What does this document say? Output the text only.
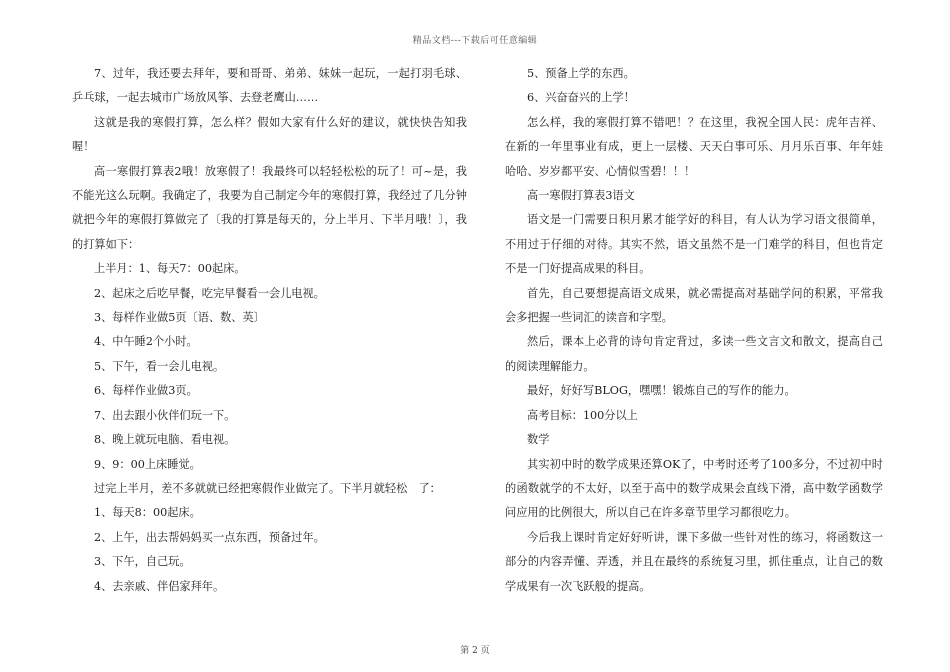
精品文档---下载后可任意编辑

7、过年，我还要去拜年，要和哥哥、弟弟、妹妹一起玩，一起打羽毛球、乒乓球，一起去城市广场放风筝、去登老鹰山……

这就是我的寒假打算，怎么样？假如大家有什么好的建议，就快快告知我喔！

高一寒假打算表2哦！放寒假了！我最终可以轻轻松松的玩了！可~是，我不能光这么玩啊。我确定了，我要为自己制定今年的寒假打算，我经过了几分钟就把今年的寒假打算做完了〔我的打算是每天的，分上半月、下半月哦！〕，我的打算如下：

上半月：1、每天7：00起床。

2、起床之后吃早餐，吃完早餐看一会儿电视。

3、每样作业做5页〔语、数、英〕

4、中午睡2个小时。

5、下午，看一会儿电视。

6、每样作业做3页。

7、出去跟小伙伴们玩一下。

8、晚上就玩电脑、看电视。

9、9：00上床睡觉。

过完上半月，差不多就就已经把寒假作业做完了。下半月就轻松　了：

1、每天8：00起床。

2、上午，出去帮妈妈买一点东西，预备过年。

3、下午，自己玩。

4、去亲戚、伴侣家拜年。

5、预备上学的东西。

6、兴奋奋兴的上学！

怎么样，我的寒假打算不错吧！？在这里，我祝全国人民：虎年吉祥、在新的一年里事业有成，更上一层楼、天天白事可乐、月月乐百事、年年娃哈哈、岁岁都平安、心情似雪碧！！！

高一寒假打算表3语文

语文是一门需要日积月累才能学好的科目，有人认为学习语文很简单，不用过于仔细的对待。其实不然，语文虽然不是一门难学的科目，但也肯定不是一门好提高成果的科目。

首先，自己要想提高语文成果，就必需提高对基础学问的积累，平常我会多把握一些词汇的读音和字型。

然后，课本上必背的诗句肯定背过，多读一些文言文和散文，提高自己的阅读理解能力。

最好，好好写BLOG，嘿嘿！锻炼自己的写作的能力。

高考目标：100分以上

数学

其实初中时的数学成果还算OK了，中考时还考了100多分，不过初中时的函数就学的不太好，以至于高中的数学成果会直线下滑，高中数学函数学问应用的比例很大，所以自己在许多章节里学习都很吃力。

今后我上课时肯定好好听讲，课下多做一些针对性的练习，将函数这一部分的内容弄懂、弄透，并且在最终的系统复习里，抓住重点，让自己的数学成果有一次飞跃般的提高。

第 2 页
